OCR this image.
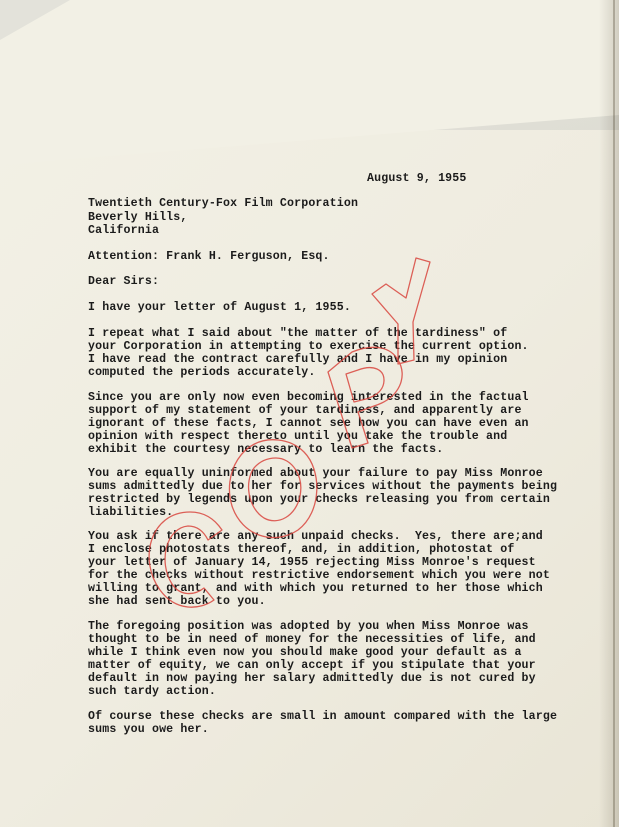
August 9, 1955
Twentieth Century-Fox Film Corporation
Beverly Hills,
California
Attention: Frank H. Ferguson, Esq.
Dear Sirs:
I have your letter of August 1, 1955.
I repeat what I said about "the matter of the tardiness" of
your Corporation in attempting to exercise the current option.
I have read the contract carefully and I have in my opinion
computed the periods accurately.
Since you are only now even becoming interested in the factual
support of my statement of your tardiness, and apparently are
ignorant of these facts, I cannot see how you can have even an
opinion with respect thereto until you take the trouble and
exhibit the courtesy necessary to learn the facts.
You are equally uninformed about your failure to pay Miss Monroe
sums admittedly due to her for services without the payments being
restricted by legends upon your checks releasing you from certain
liabilities.
You ask if there are any such unpaid checks.  Yes, there are;and
I enclose photostats thereof, and, in addition, photostat of
your letter of January 14, 1955 rejecting Miss Monroe's request
for the checks without restrictive endorsement which you were not
willing to grant, and with which you returned to her those which
she had sent back to you.
The foregoing position was adopted by you when Miss Monroe was
thought to be in need of money for the necessities of life, and
while I think even now you should make good your default as a
matter of equity, we can only accept if you stipulate that your
default in now paying her salary admittedly due is not cured by
such tardy action.
Of course these checks are small in amount compared with the large
sums you owe her.
